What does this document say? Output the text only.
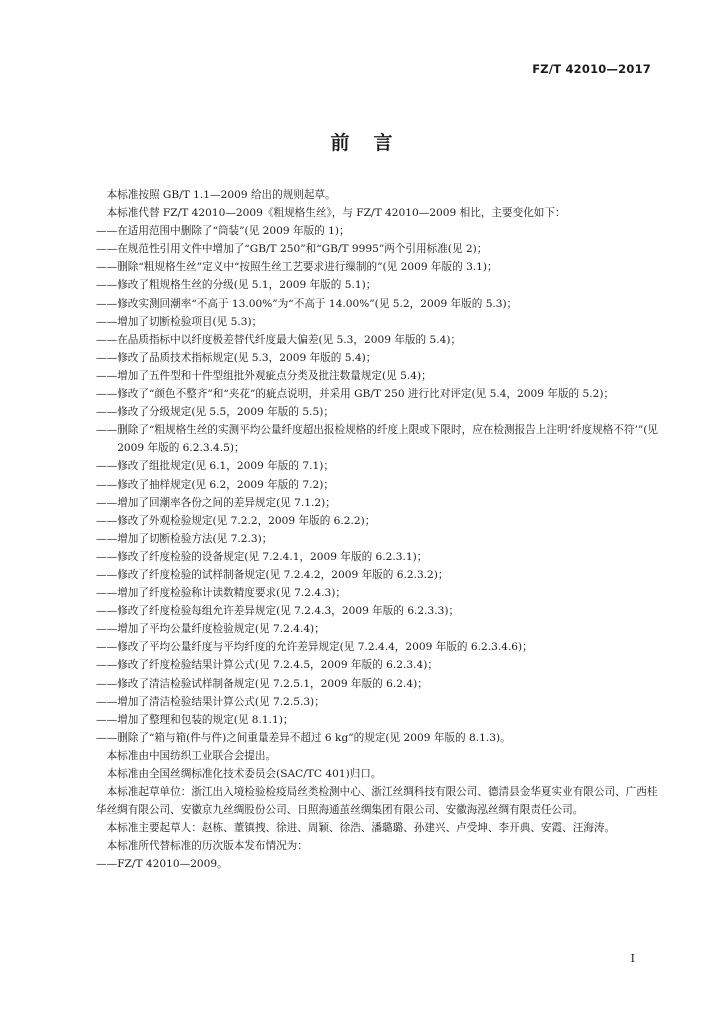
FZ/T 42010—2017
前言

本标准按照 GB/T 1.1—2009 给出的规则起草。

本标准代替 FZ/T 42010—2009《粗规格生丝》，与 FZ/T 42010—2009 相比，主要变化如下：

——在适用范围中删除了“筒装”(见 2009 年版的 1)；

——在规范性引用文件中增加了“GB/T 250”和“GB/T 9995”两个引用标准(见 2)；

——删除“粗规格生丝”定义中“按照生丝工艺要求进行缫制的”(见 2009 年版的 3.1)；

——修改了粗规格生丝的分级(见 5.1，2009 年版的 5.1)；

——修改实测回潮率“不高于 13.00%”为“不高于 14.00%”(见 5.2，2009 年版的 5.3)；

——增加了切断检验项目(见 5.3)；

——在品质指标中以纤度极差替代纤度最大偏差(见 5.3，2009 年版的 5.4)；

——修改了品质技术指标规定(见 5.3，2009 年版的 5.4)；

——增加了五件型和十件型组批外观疵点分类及批注数量规定(见 5.4)；

——修改了“颜色不整齐”和“夹花”的疵点说明，并采用 GB/T 250 进行比对评定(见 5.4，2009 年版的 5.2)；

——修改了分级规定(见 5.5，2009 年版的 5.5)；

——删除了“粗规格生丝的实测平均公量纤度超出报检规格的纤度上限或下限时，应在检测报告上注明‘纤度规格不符’”(见 2009 年版的 6.2.3.4.5)；

——修改了组批规定(见 6.1，2009 年版的 7.1)；

——修改了抽样规定(见 6.2，2009 年版的 7.2)；

——增加了回潮率各份之间的差异规定(见 7.1.2)；

——修改了外观检验规定(见 7.2.2，2009 年版的 6.2.2)；

——增加了切断检验方法(见 7.2.3)；

——修改了纤度检验的设备规定(见 7.2.4.1，2009 年版的 6.2.3.1)；

——修改了纤度检验的试样制备规定(见 7.2.4.2，2009 年版的 6.2.3.2)；

——增加了纤度检验称计读数精度要求(见 7.2.4.3)；

——修改了纤度检验每组允许差异规定(见 7.2.4.3，2009 年版的 6.2.3.3)；

——增加了平均公量纤度检验规定(见 7.2.4.4)；

——修改了平均公量纤度与平均纤度的允许差异规定(见 7.2.4.4，2009 年版的 6.2.3.4.6)；

——修改了纤度检验结果计算公式(见 7.2.4.5，2009 年版的 6.2.3.4)；

——修改了清洁检验试样制备规定(见 7.2.5.1，2009 年版的 6.2.4)；

——增加了清洁检验结果计算公式(见 7.2.5.3)；

——增加了整理和包装的规定(见 8.1.1)；

——删除了“箱与箱(件与件)之间重量差异不超过 6 kg”的规定(见 2009 年版的 8.1.3)。

本标准由中国纺织工业联合会提出。

本标准由全国丝绸标准化技术委员会(SAC/TC 401)归口。

本标准起草单位：浙江出入境检验检疫局丝类检测中心、浙江丝绸科技有限公司、德清县金华夏实业有限公司、广西桂华丝绸有限公司、安徽京九丝绸股份公司、日照海通茧丝绸集团有限公司、安徽海泓丝绸有限责任公司。

本标准主要起草人：赵栋、董镇拽、徐进、周颖、徐浩、潘璐璐、孙建兴、卢受坤、李开典、安霞、汪海涛。

本标准所代替标准的历次版本发布情况为：

——FZ/T 42010—2009。

I
